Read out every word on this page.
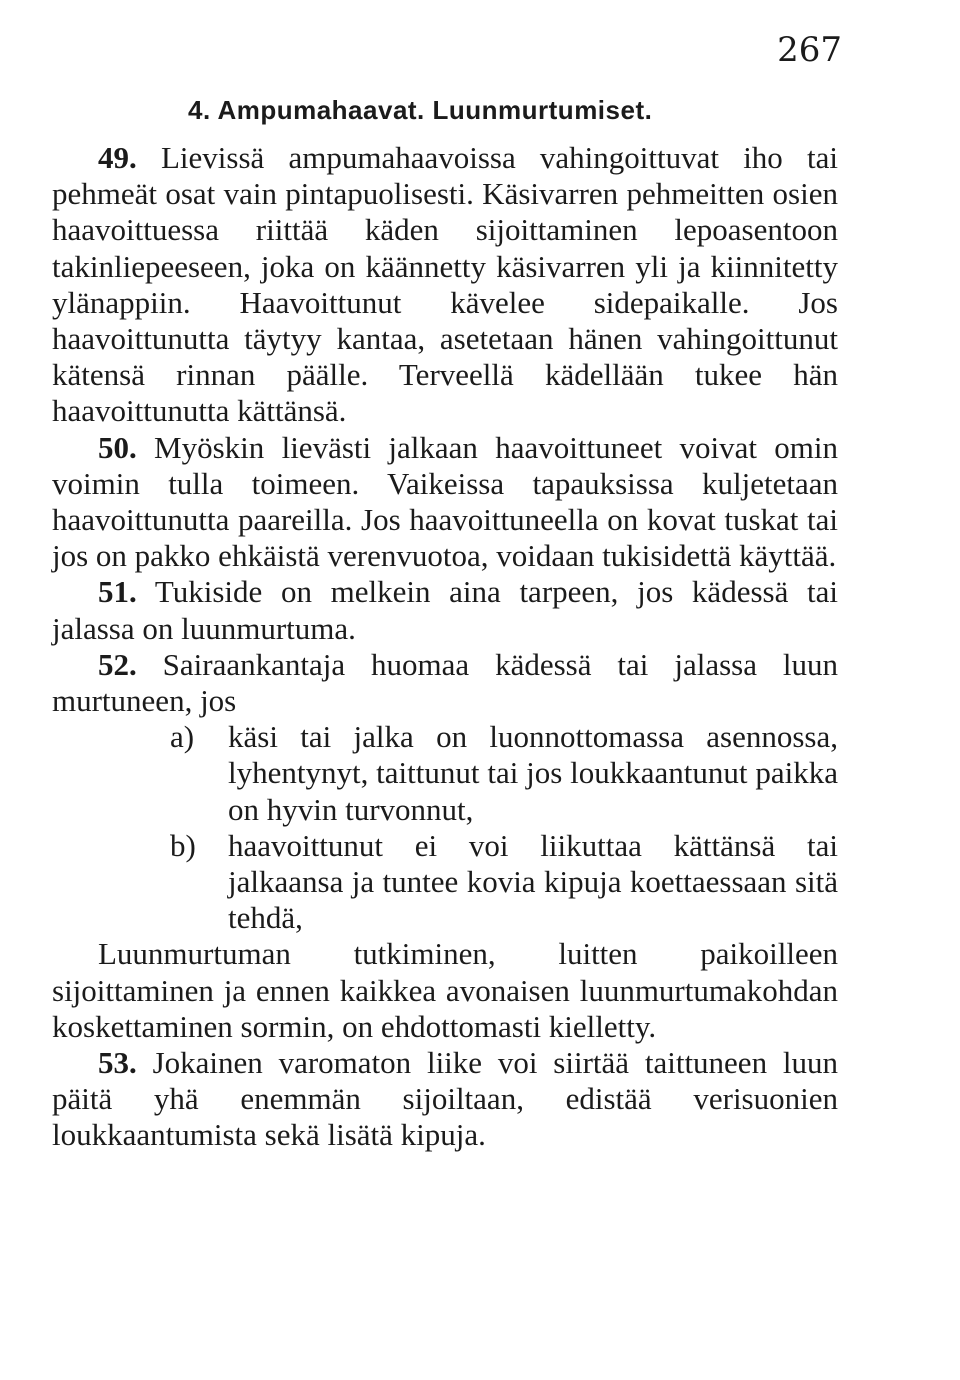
267
4. Ampumahaavat. Luunmurtumiset.

49. Lievissä ampumahaavoissa vahingoittuvat iho tai pehmeät osat vain pintapuolisesti. Käsivarren pehmeitten osien haavoittuessa riittää käden sijoittaminen lepoasentoon takinliepeeseen, joka on käännetty käsivarren yli ja kiinnitetty ylänappiin. Haavoittunut kävelee sidepaikalle. Jos haavoittunutta täytyy kantaa, asetetaan hänen vahingoittunut kätensä rinnan päälle. Terveellä kädellään tukee hän haavoittunutta kättänsä.

50. Myöskin lievästi jalkaan haavoittuneet voivat omin voimin tulla toimeen. Vaikeissa tapauksissa kuljetetaan haavoittunutta paareilla. Jos haavoittuneella on kovat tuskat tai jos on pakko ehkäistä verenvuotoa, voidaan tukisidettä käyttää.

51. Tukiside on melkein aina tarpeen, jos kädessä tai jalassa on luunmurtuma.

52. Sairaankantaja huomaa kädessä tai jalassa luun murtuneen, jos

a) käsi tai jalka on luonnottomassa asennossa, lyhentynyt, taittunut tai jos loukkaantunut paikka on hyvin turvonnut,
b) haavoittunut ei voi liikuttaa kättänsä tai jalkaansa ja tuntee kovia kipuja koettaessaan sitä tehdä,

Luunmurtuman tutkiminen, luitten paikoilleen sijoittaminen ja ennen kaikkea avonaisen luunmurtumakohdan koskettaminen sormin, on ehdottomasti kielletty.

53. Jokainen varomaton liike voi siirtää taittuneen luun päitä yhä enemmän sijoiltaan, edistää verisuonien loukkaantumista sekä lisätä kipuja.
